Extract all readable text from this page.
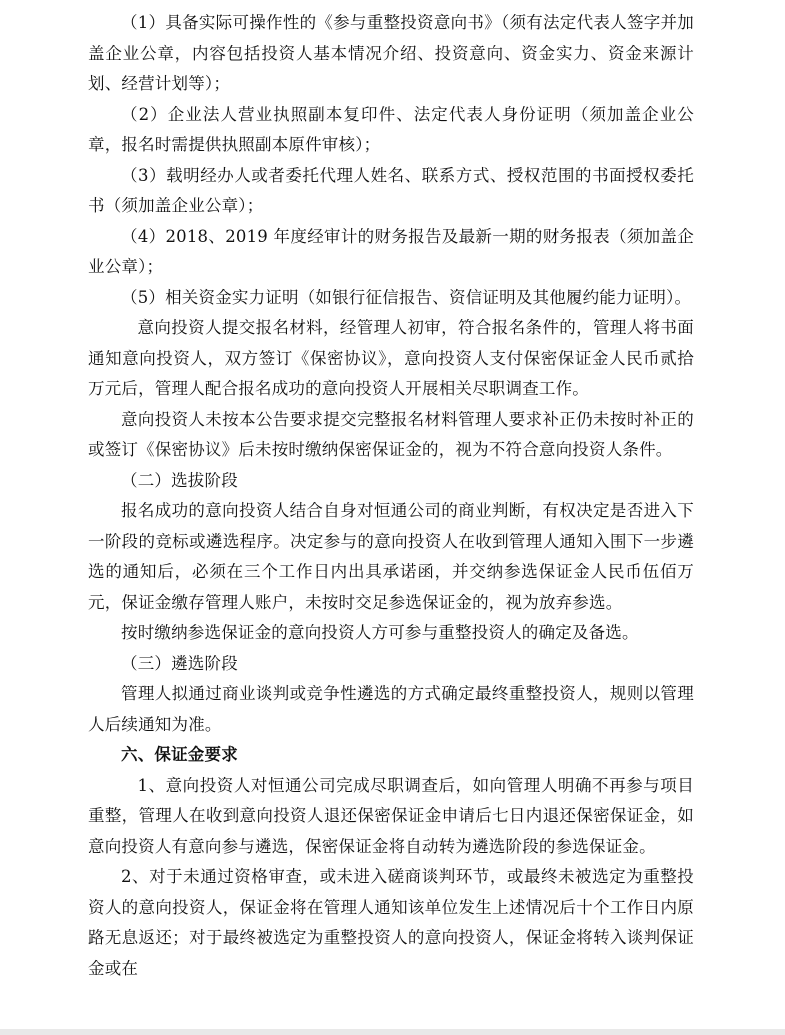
（1）具备实际可操作性的《参与重整投资意向书》（须有法定代表人签字并加盖企业公章，内容包括投资人基本情况介绍、投资意向、资金实力、资金来源计划、经营计划等）；

（2）企业法人营业执照副本复印件、法定代表人身份证明（须加盖企业公章，报名时需提供执照副本原件审核）；

（3）载明经办人或者委托代理人姓名、联系方式、授权范围的书面授权委托书（须加盖企业公章）；

（4）2018、2019 年度经审计的财务报告及最新一期的财务报表（须加盖企业公章）；

（5）相关资金实力证明（如银行征信报告、资信证明及其他履约能力证明）。

意向投资人提交报名材料，经管理人初审，符合报名条件的，管理人将书面通知意向投资人，双方签订《保密协议》，意向投资人支付保密保证金人民币贰拾万元后，管理人配合报名成功的意向投资人开展相关尽职调查工作。

意向投资人未按本公告要求提交完整报名材料管理人要求补正仍未按时补正的或签订《保密协议》后未按时缴纳保密保证金的，视为不符合意向投资人条件。

（二）选拔阶段

报名成功的意向投资人结合自身对恒通公司的商业判断，有权决定是否进入下一阶段的竞标或遴选程序。决定参与的意向投资人在收到管理人通知入围下一步遴选的通知后，必须在三个工作日内出具承诺函，并交纳参选保证金人民币伍佰万元，保证金缴存管理人账户，未按时交足参选保证金的，视为放弃参选。

按时缴纳参选保证金的意向投资人方可参与重整投资人的确定及备选。

（三）遴选阶段

管理人拟通过商业谈判或竞争性遴选的方式确定最终重整投资人，规则以管理人后续通知为准。

六、保证金要求

1、意向投资人对恒通公司完成尽职调查后，如向管理人明确不再参与项目重整，管理人在收到意向投资人退还保密保证金申请后七日内退还保密保证金，如意向投资人有意向参与遴选，保密保证金将自动转为遴选阶段的参选保证金。

2、对于未通过资格审查，或未进入磋商谈判环节，或最终未被选定为重整投资人的意向投资人，保证金将在管理人通知该单位发生上述情况后十个工作日内原路无息返还；对于最终被选定为重整投资人的意向投资人，保证金将转入谈判保证金或在
